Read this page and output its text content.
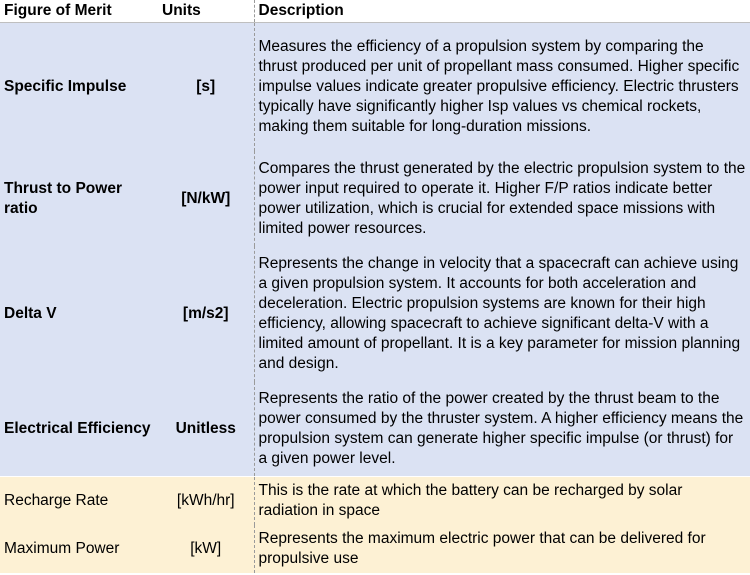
Figure of Merit	Units	Description
Specific Impulse	[s]	Measures the efficiency of a propulsion system by comparing the thrust produced per unit of propellant mass consumed. Higher specific impulse values indicate greater propulsive efficiency. Electric thrusters typically have significantly higher Isp values vs chemical rockets, making them suitable for long-duration missions.
Thrust to Power ratio	[N/kW]	Compares the thrust generated by the electric propulsion system to the power input required to operate it. Higher F/P ratios indicate better power utilization, which is crucial for extended space missions with limited power resources.
Delta V	[m/s2]	Represents the change in velocity that a spacecraft can achieve using a given propulsion system. It accounts for both acceleration and deceleration. Electric propulsion systems are known for their high efficiency, allowing spacecraft to achieve significant delta-V with a limited amount of propellant. It is a key parameter for mission planning and design.
Electrical Efficiency	Unitless	Represents the ratio of the power created by the thrust beam to the power consumed by the thruster system. A higher efficiency means the propulsion system can generate higher specific impulse (or thrust) for a given power level.
Recharge Rate	[kWh/hr]	This is the rate at which the battery can be recharged by solar radiation in space
Maximum Power	[kW]	Represents the maximum electric power that can be delivered for propulsive use
